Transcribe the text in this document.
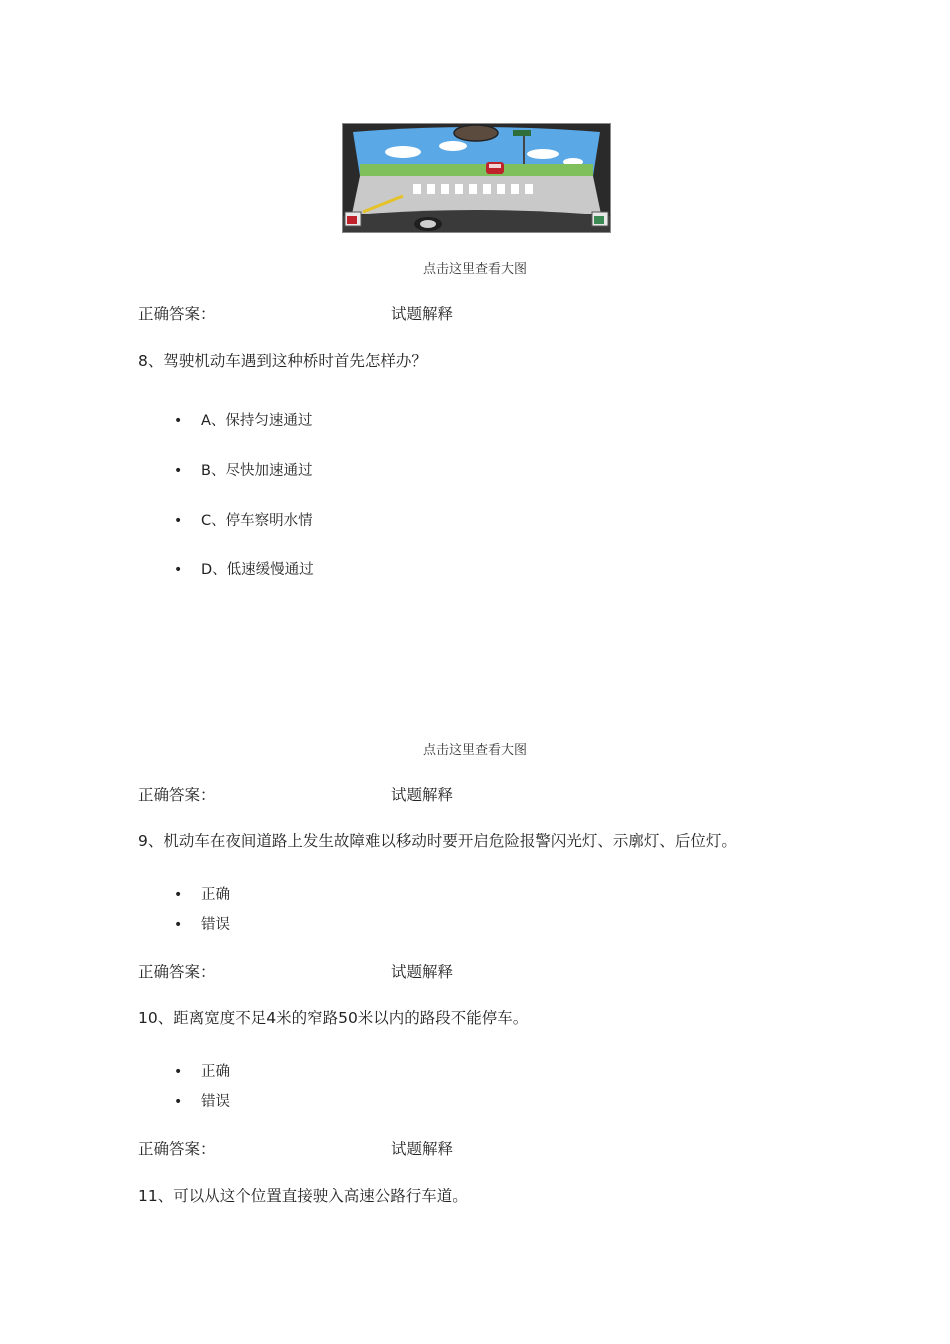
点击这里查看大图
正确答案：	试题解释
8、驾驶机动车遇到这种桥时首先怎样办？
• A、保持匀速通过
• B、尽快加速通过
• C、停车察明水情
• D、低速缓慢通过
点击这里查看大图
正确答案：	试题解释
9、机动车在夜间道路上发生故障难以移动时要开启危险报警闪光灯、示廓灯、后位灯。
• 正确
• 错误
正确答案：	试题解释
10、距离宽度不足4米的窄路50米以内的路段不能停车。
• 正确
• 错误
正确答案：	试题解释
11、可以从这个位置直接驶入高速公路行车道。
